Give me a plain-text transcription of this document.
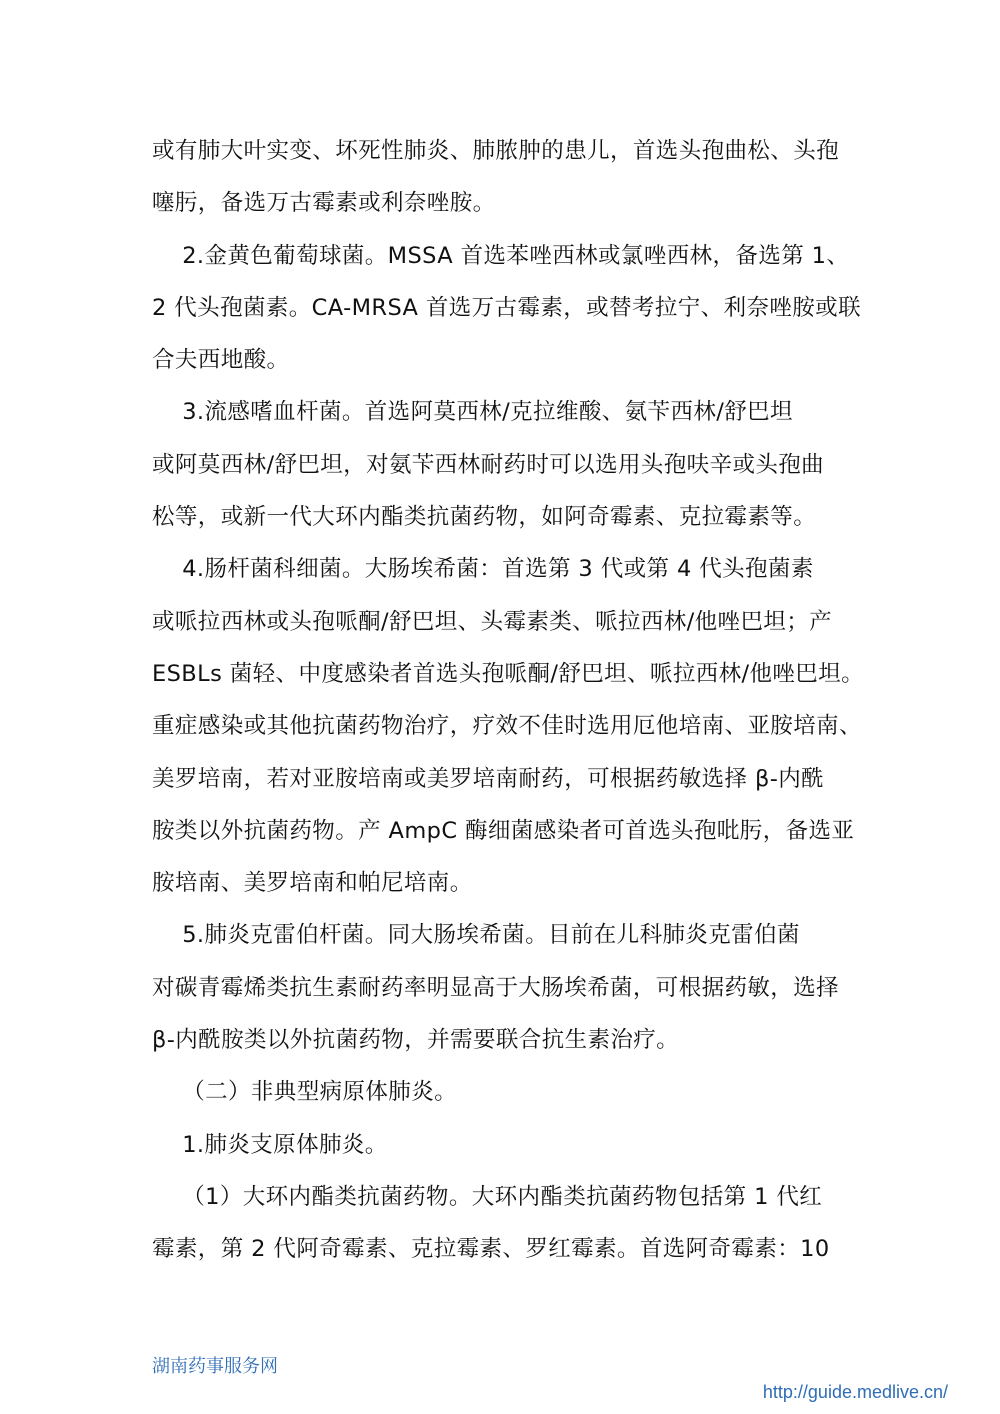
或有肺大叶实变、坏死性肺炎、肺脓肿的患儿，首选头孢曲松、头孢
噻肟，备选万古霉素或利奈唑胺。
2.金黄色葡萄球菌。MSSA 首选苯唑西林或氯唑西林，备选第 1、
2 代头孢菌素。CA-MRSA 首选万古霉素，或替考拉宁、利奈唑胺或联
合夫西地酸。
3.流感嗜血杆菌。首选阿莫西林/克拉维酸、氨苄西林/舒巴坦
或阿莫西林/舒巴坦，对氨苄西林耐药时可以选用头孢呋辛或头孢曲
松等，或新一代大环内酯类抗菌药物，如阿奇霉素、克拉霉素等。
4.肠杆菌科细菌。大肠埃希菌：首选第 3 代或第 4 代头孢菌素
或哌拉西林或头孢哌酮/舒巴坦、头霉素类、哌拉西林/他唑巴坦；产
ESBLs 菌轻、中度感染者首选头孢哌酮/舒巴坦、哌拉西林/他唑巴坦。
重症感染或其他抗菌药物治疗，疗效不佳时选用厄他培南、亚胺培南、
美罗培南，若对亚胺培南或美罗培南耐药，可根据药敏选择 β-内酰
胺类以外抗菌药物。产 AmpC 酶细菌感染者可首选头孢吡肟，备选亚
胺培南、美罗培南和帕尼培南。
5.肺炎克雷伯杆菌。同大肠埃希菌。目前在儿科肺炎克雷伯菌
对碳青霉烯类抗生素耐药率明显高于大肠埃希菌，可根据药敏，选择
β-内酰胺类以外抗菌药物，并需要联合抗生素治疗。
（二）非典型病原体肺炎。
1.肺炎支原体肺炎。
（1）大环内酯类抗菌药物。大环内酯类抗菌药物包括第 1 代红
霉素，第 2 代阿奇霉素、克拉霉素、罗红霉素。首选阿奇霉素：10
湖南药事服务网
http://guide.medlive.cn/
